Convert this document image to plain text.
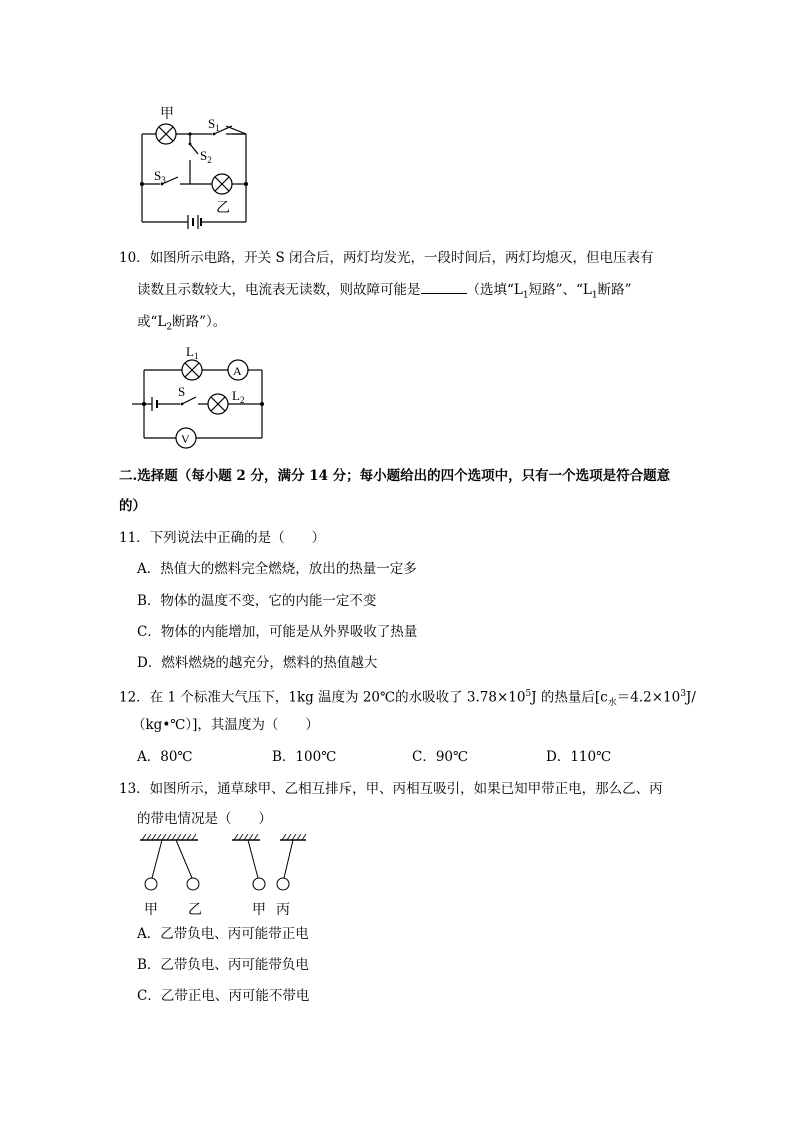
甲
$S_1$
$S_2$
$S_3$
乙
10．如图所示电路，开关 S 闭合后，两灯均发光，一段时间后，两灯均熄灭，但电压表有
读数且示数较大，电流表无读数，则故障可能是	（选填“$L_1$短路”、“$L_1$断路”
或“$L_2$断路”）。
$L_1$
A
S	$L_2$
V
二.选择题（每小题 2 分，满分 14 分；每小题给出的四个选项中，只有一个选项是符合题意
的）
11．下列说法中正确的是（　　）
A．热值大的燃料完全燃烧，放出的热量一定多
B．物体的温度不变，它的内能一定不变
C．物体的内能增加，可能是从外界吸收了热量
D．燃料燃烧的越充分，燃料的热值越大
12．在 1 个标准大气压下，1kg 温度为 20℃的水吸收了 $3.78\times 10^5J$ 的热量后[$c_水=4.2\times 10^3J/$
（kg•℃）]，其温度为（　　）
A．80℃	B．100℃	C．90℃	D．110℃
13．如图所示，通草球甲、乙相互排斥，甲、丙相互吸引，如果已知甲带正电，那么乙、丙
的带电情况是（　　）
甲 乙	甲 丙
A．乙带负电、丙可能带正电
B．乙带负电、丙可能带负电
C．乙带正电、丙可能不带电
